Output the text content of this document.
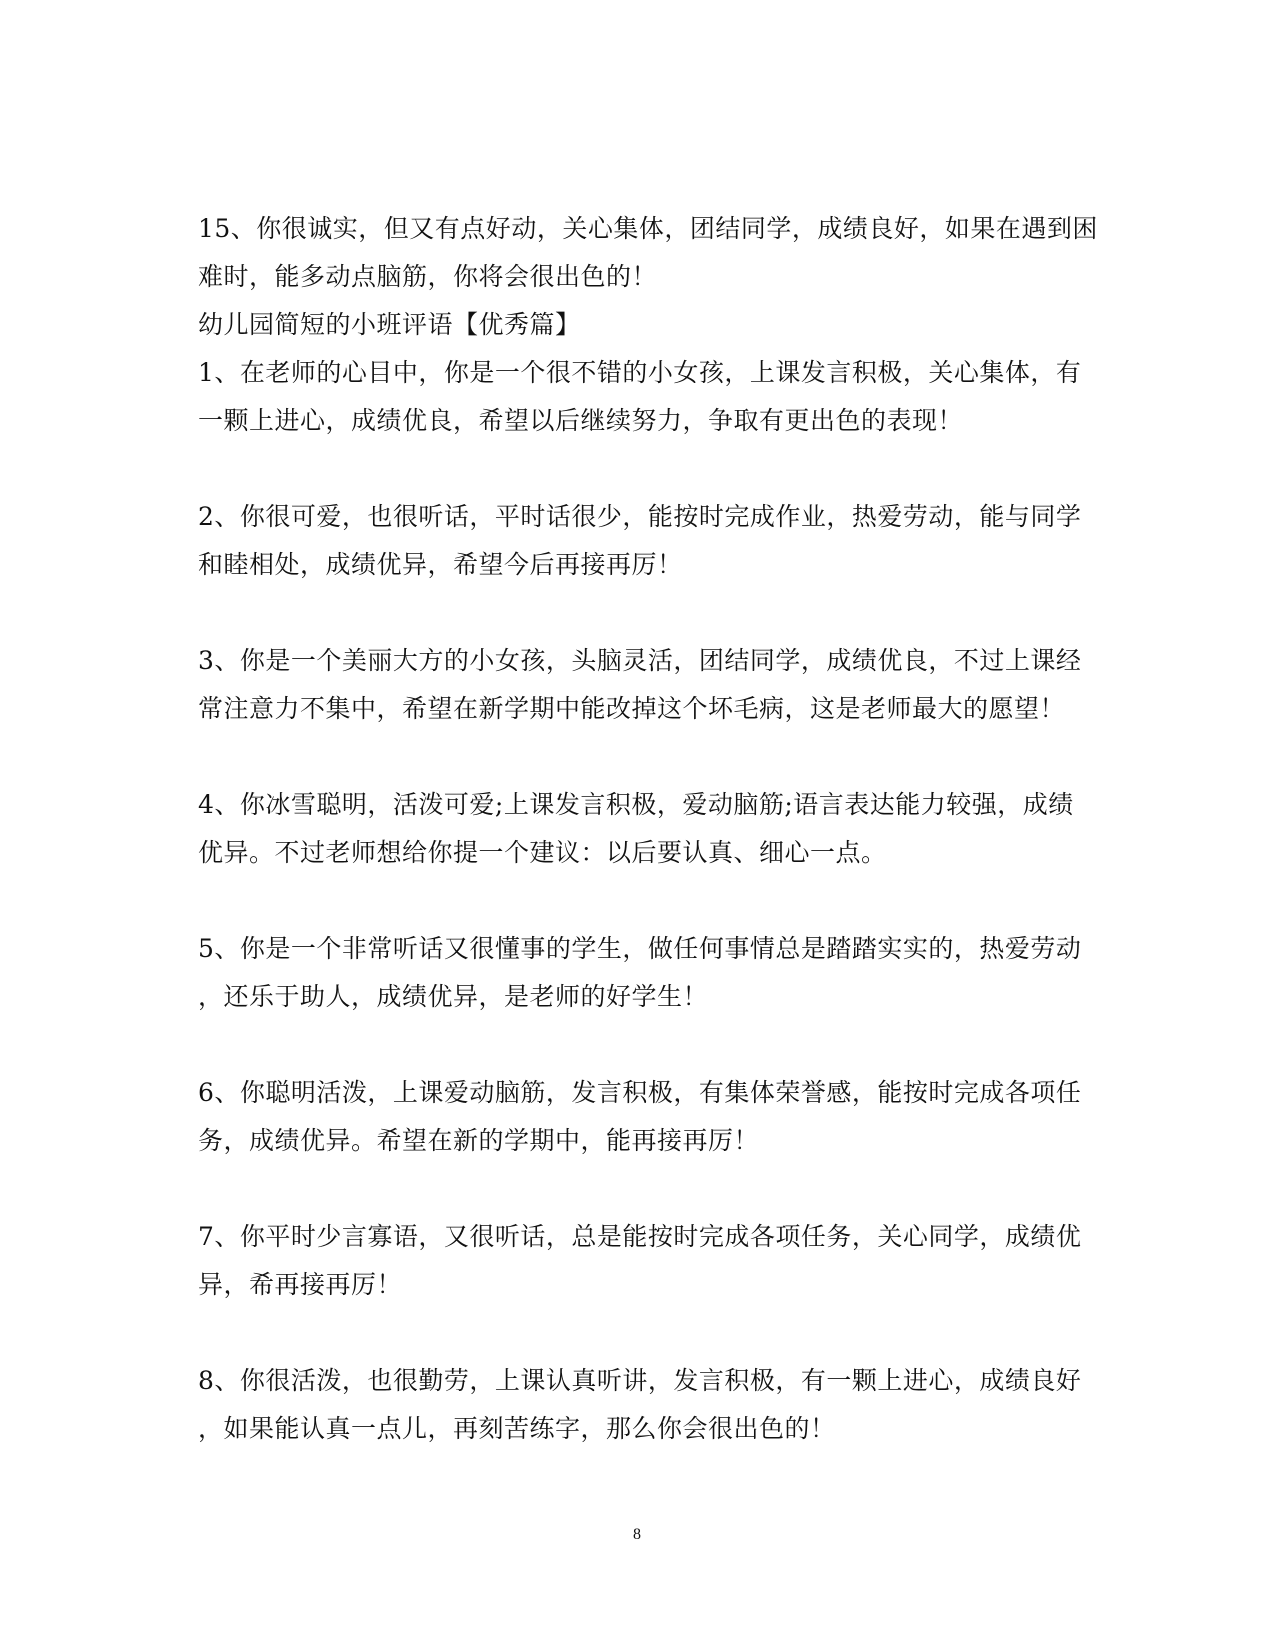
15、你很诚实，但又有点好动，关心集体，团结同学，成绩良好，如果在遇到困
难时，能多动点脑筋，你将会很出色的！
幼儿园简短的小班评语【优秀篇】
1、在老师的心目中，你是一个很不错的小女孩，上课发言积极，关心集体，有
一颗上进心，成绩优良，希望以后继续努力，争取有更出色的表现！
2、你很可爱，也很听话，平时话很少，能按时完成作业，热爱劳动，能与同学
和睦相处，成绩优异，希望今后再接再厉！
3、你是一个美丽大方的小女孩，头脑灵活，团结同学，成绩优良，不过上课经
常注意力不集中，希望在新学期中能改掉这个坏毛病，这是老师最大的愿望！
4、你冰雪聪明，活泼可爱;上课发言积极，爱动脑筋;语言表达能力较强，成绩
优异。不过老师想给你提一个建议：以后要认真、细心一点。
5、你是一个非常听话又很懂事的学生，做任何事情总是踏踏实实的，热爱劳动
，还乐于助人，成绩优异，是老师的好学生！
6、你聪明活泼，上课爱动脑筋，发言积极，有集体荣誉感，能按时完成各项任
务，成绩优异。希望在新的学期中，能再接再厉！
7、你平时少言寡语，又很听话，总是能按时完成各项任务，关心同学，成绩优
异，希再接再厉！
8、你很活泼，也很勤劳，上课认真听讲，发言积极，有一颗上进心，成绩良好
，如果能认真一点儿，再刻苦练字，那么你会很出色的！
8
